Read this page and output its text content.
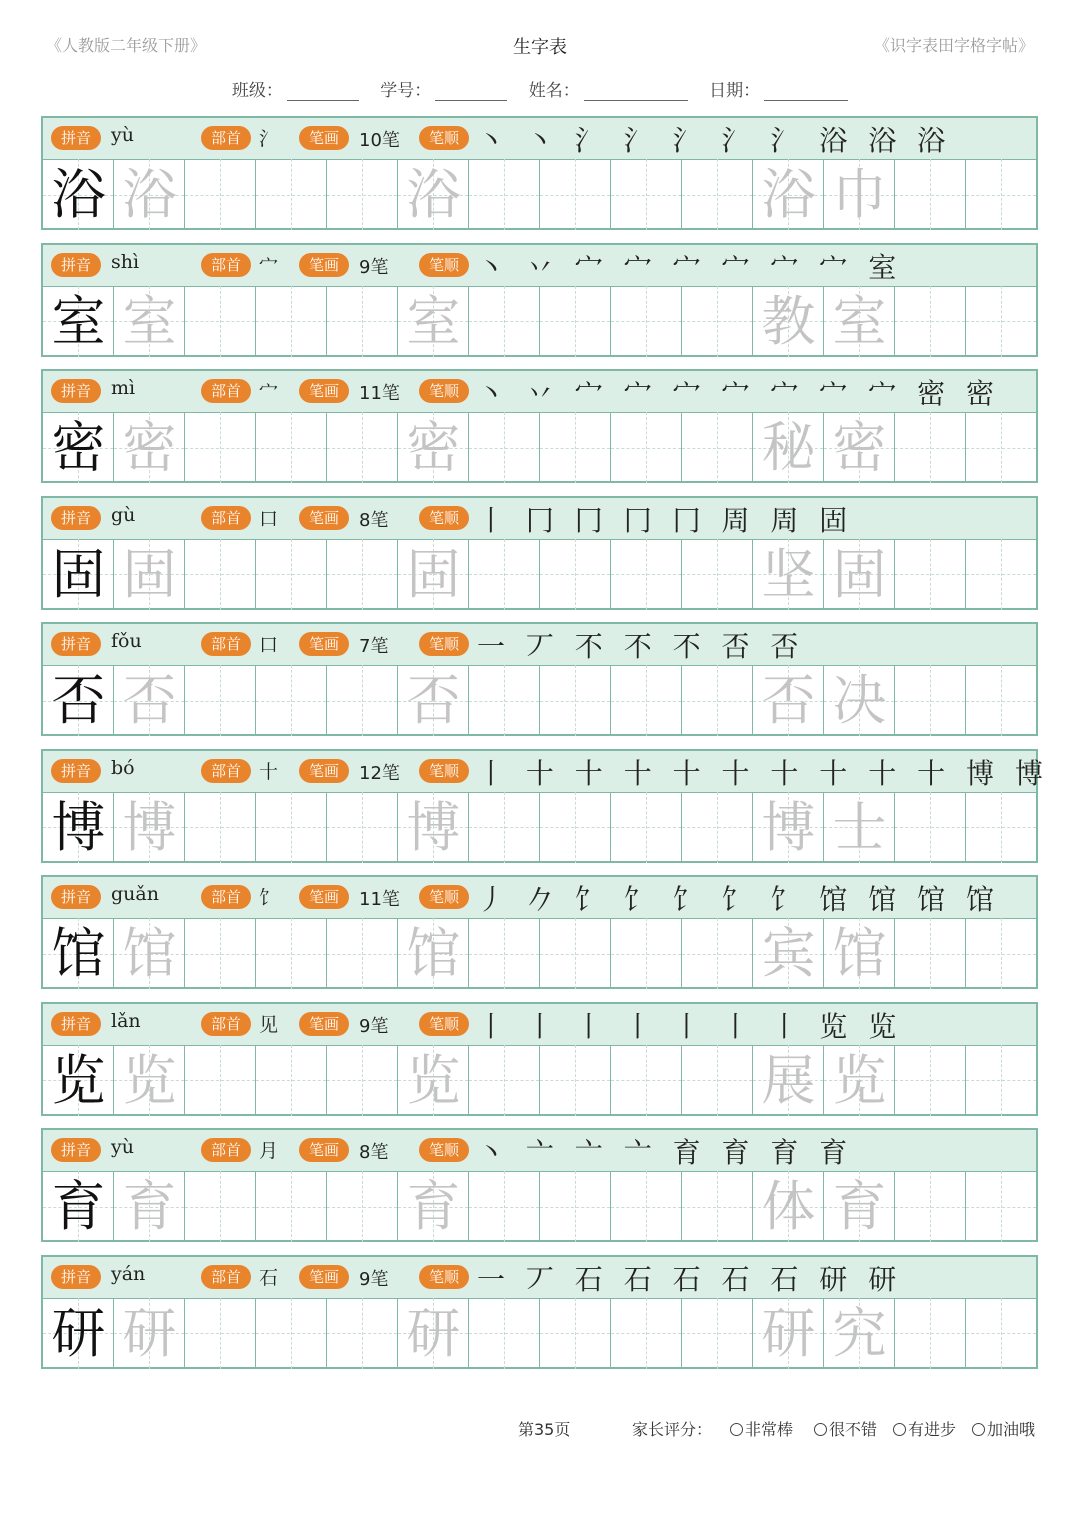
《人教版二年级下册》	生字表	《识字表田字格字帖》
班级：	学号：	姓名：	日期：
拼音	yù	部首 氵	笔画	10笔	笔顺 丶 丶 氵 氵 氵 氵 氵 浴 浴 浴
浴 浴	浴	浴 巾
拼音	shì	部首 宀	笔画	9笔	笔顺 丶 丷 宀 宀 宀 宀 宀 宀 室
室 室	室	教 室
拼音	mì	部首 宀	笔画	11笔	笔顺 丶 丷 宀 宀 宀 宀 宀 宀 宀 密 密
密 密	密	秘 密
拼音	gù	部首 口	笔画	8笔	笔顺 丨 冂 冂 冂 冂 周 周 固
固 固	固	坚 固
拼音	fǒu	部首 口	笔画	7笔	笔顺 一 丆 不 不 不 否 否
否 否	否	否 决
拼音	bó	部首 十	笔画	12笔	笔顺 丨 十 十 十 十 十 十 十 十 十 博 博
博 博	博	博 士
拼音	guǎn	部首 饣	笔画	11笔	笔顺 丿 𠂊 饣 饣 饣 饣 饣 馆 馆 馆 馆
馆 馆	馆	宾 馆
拼音	lǎn	部首 见	笔画	9笔	笔顺 丨 丨 丨 丨 丨 丨 丨 览 览
览 览	览	展 览
拼音	yù	部首 月	笔画	8笔	笔顺 丶 亠 亠 亠 育 育 育 育
育 育	育	体 育
拼音	yán	部首 石	笔画	9笔	笔顺 一 丆 石 石 石 石 石 研 研
研 研	研	研 究
第35页	家长评分：	非常棒	很不错	有进步	加油哦
